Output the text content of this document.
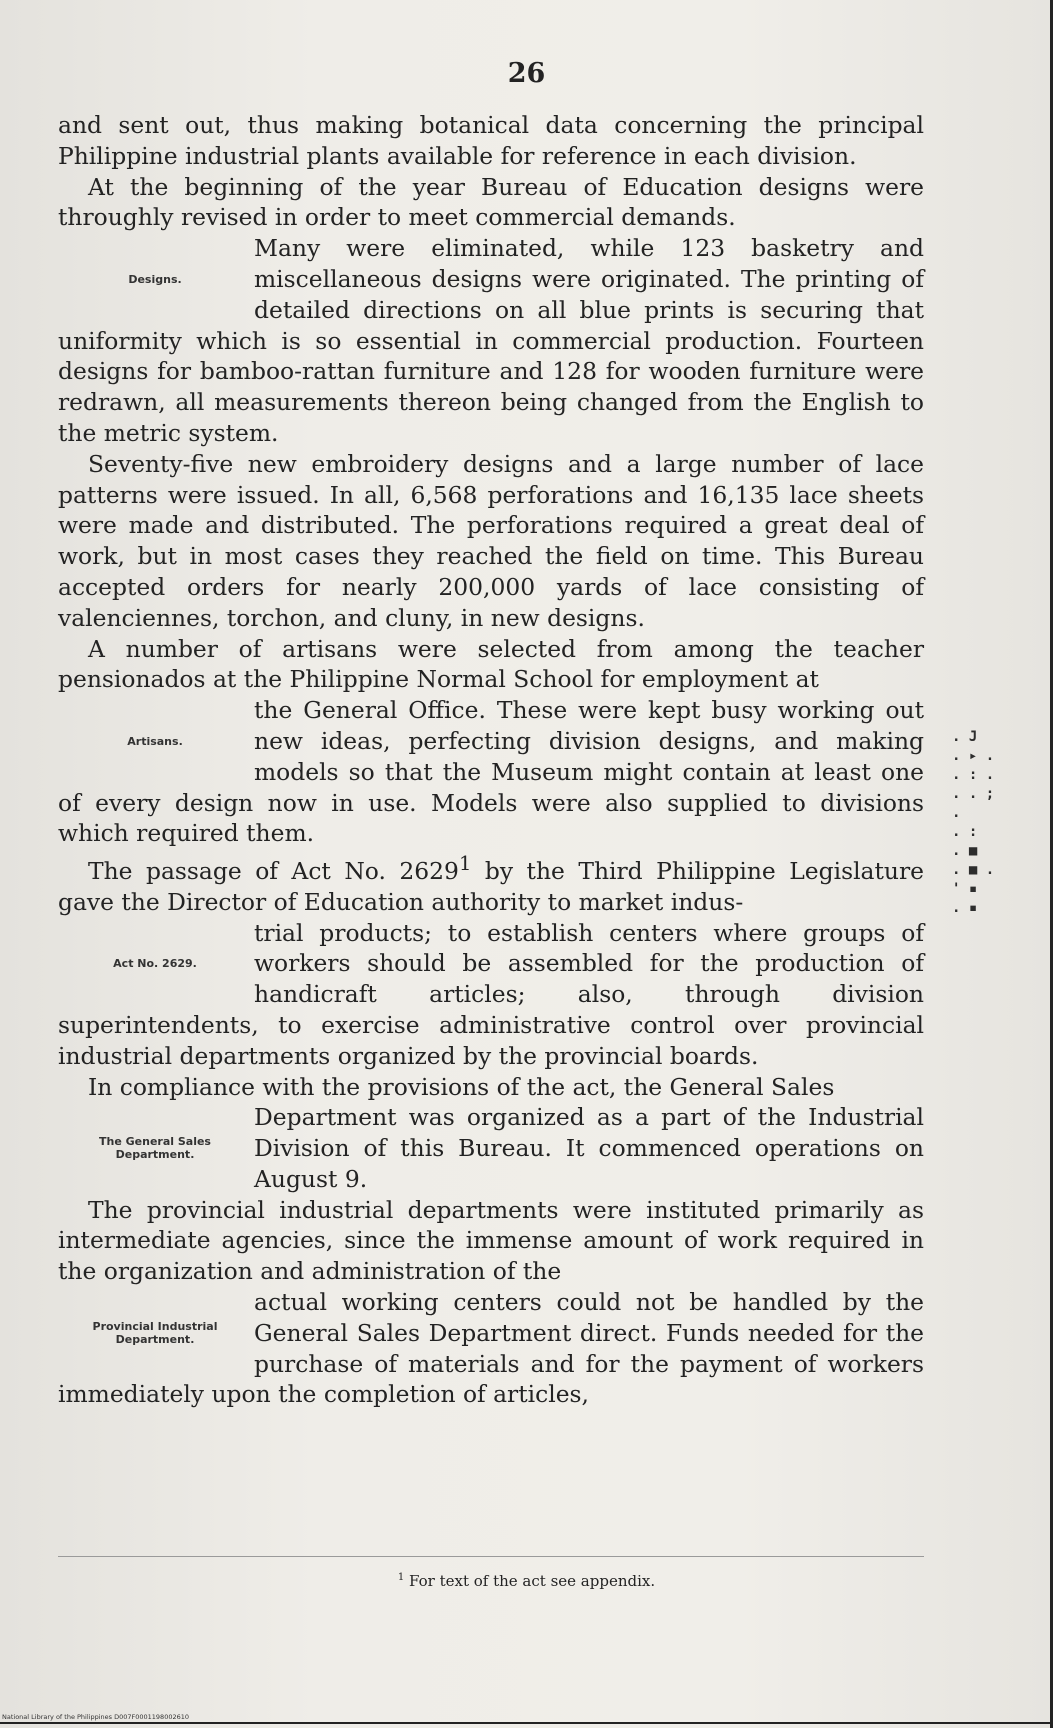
26

and sent out, thus making botanical data concerning the principal Philippine industrial plants available for reference in each division.

At the beginning of the year Bureau of Education designs were throughly revised in order to meet commercial demands.

Designs.

Many were eliminated, while 123 basketry and miscellaneous designs were originated. The printing of detailed directions on all blue prints is securing that uniformity which is so essential in commercial production. Fourteen designs for bamboo-rattan furniture and 128 for wooden furniture were redrawn, all measurements thereon being changed from the English to the metric system.

Seventy-five new embroidery designs and a large number of lace patterns were issued. In all, 6,568 perforations and 16,135 lace sheets were made and distributed. The perforations required a great deal of work, but in most cases they reached the field on time. This Bureau accepted orders for nearly 200,000 yards of lace consisting of valenciennes, torchon, and cluny, in new designs.

A number of artisans were selected from among the teacher pensionados at the Philippine Normal School for employment at

Artisans.

the General Office. These were kept busy working out new ideas, perfecting division designs, and making models so that the Museum might contain at least one of every design now in use. Models were also supplied to divisions which required them.

The passage of Act No. 2629$^1$ by the Third Philippine Legislature gave the Director of Education authority to market indus-

Act No. 2629.

trial products; to establish centers where groups of workers should be assembled for the production of handicraft articles; also, through division superintendents, to exercise administrative control over provincial industrial departments organized by the provincial boards.

In compliance with the provisions of the act, the General Sales

The General Sales Department.

Department was organized as a part of the Industrial Division of this Bureau. It commenced operations on August 9.

The provincial industrial departments were instituted primarily as intermediate agencies, since the immense amount of work required in the organization and administration of the

Provincial Industrial Department.

actual working centers could not be handled by the General Sales Department direct. Funds needed for the purchase of materials and for the payment of workers immediately upon the completion of articles,

$^1$ For text of the act see appendix.
. J
. ▸ .
. : .
. . ;
.
. :
. ■
. ■ .
' ▪
. ▪
National Library of the Philippines D007F0001198002610
